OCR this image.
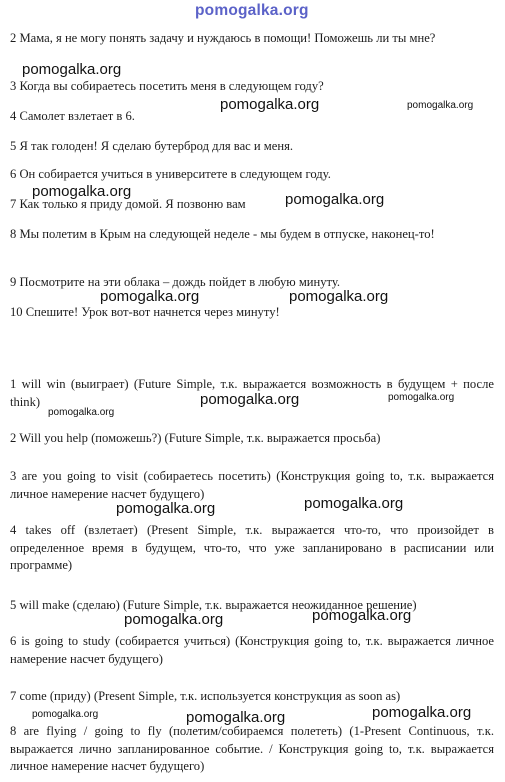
pomogalka.org
2 Мама, я не могу понять задачу и нуждаюсь в помощи! Поможешь ли ты мне?
3 Когда вы собираетесь посетить меня в следующем году?
4 Самолет взлетает в 6.
5 Я так голоден! Я сделаю бутерброд для вас и меня.
6 Он собирается учиться в университете в следующем году.
7 Как только я приду домой. Я позвоню вам
8 Мы полетим в Крым на следующей неделе - мы будем в отпуске, наконец-то!
9 Посмотрите на эти облака – дождь пойдет в любую минуту.
10 Спешите! Урок вот-вот начнется через минуту!
1 will win (выиграет) (Future Simple, т.к. выражается возможность в будущем + после think)
2 Will you help (поможешь?) (Future Simple, т.к. выражается просьба)
3 are you going to visit (собираетесь посетить) (Конструкция going to, т.к. выражается личное намерение насчет будущего)
4 takes off (взлетает) (Present Simple, т.к. выражается что-то, что произойдет в определенное время в будущем, что-то, что уже запланировано в расписании или программе)
5 will make (сделаю) (Future Simple, т.к. выражается неожиданное решение)
6 is going to study (собирается учиться) (Конструкция going to, т.к. выражается личное намерение насчет будущего)
7 come (приду) (Present Simple, т.к. используется конструкция as soon as)
8 are flying / going to fly (полетим/собираемся полететь) (1-Present Continuous, т.к. выражается лично запланированное событие. / Конструкция going to, т.к. выражается личное намерение насчет будущего)
pomogalka.org
pomogalka.org	pomogalka.org
pomogalka.org	pomogalka.org
pomogalka.org	pomogalka.org
pomogalka.org	pomogalka.org
pomogalka.org
pomogalka.org
pomogalka.org
pomogalka.org	pomogalka.org
pomogalka.org	pomogalka.org	pomogalka.org
